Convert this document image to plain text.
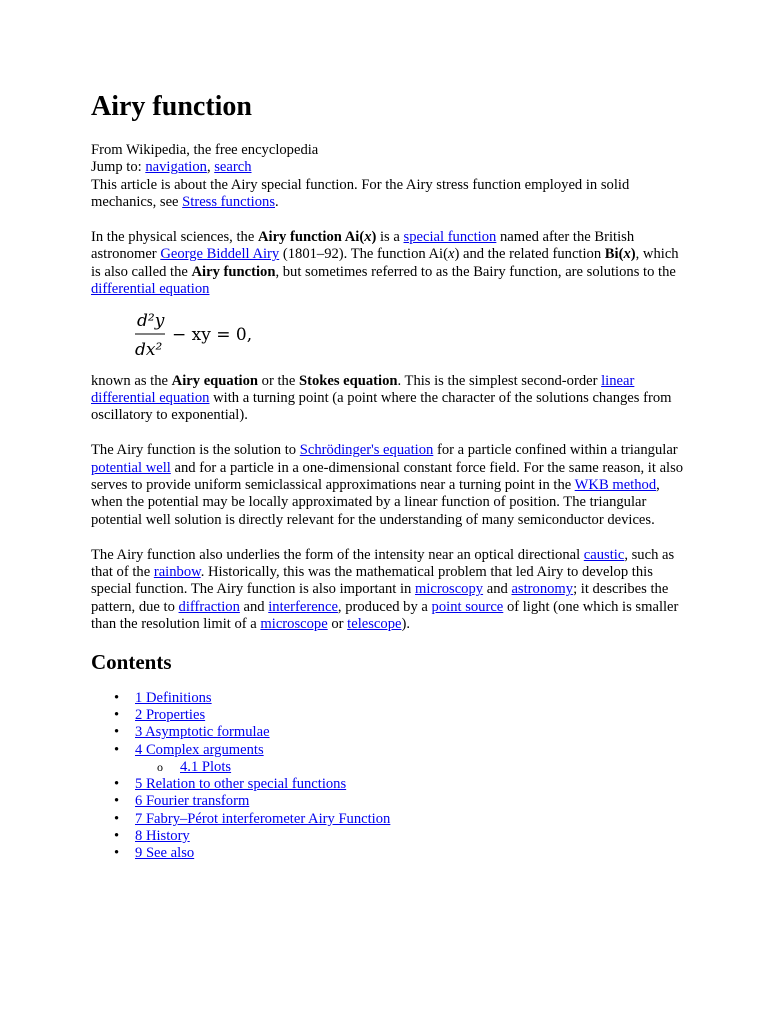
Airy function

From Wikipedia, the free encyclopedia

Jump to: navigation, search

This article is about the Airy special function. For the Airy stress function employed in solid mechanics, see Stress functions.

In the physical sciences, the Airy function Ai(x) is a special function named after the British astronomer George Biddell Airy (1801–92). The function Ai(x) and the related function Bi(x), which is also called the Airy function, but sometimes referred to as the Bairy function, are solutions to the differential equation

d²y
dx²
− xy = 0,

known as the Airy equation or the Stokes equation. This is the simplest second-order linear differential equation with a turning point (a point where the character of the solutions changes from oscillatory to exponential).

The Airy function is the solution to Schrödinger's equation for a particle confined within a triangular potential well and for a particle in a one-dimensional constant force field. For the same reason, it also serves to provide uniform semiclassical approximations near a turning point in the WKB method, when the potential may be locally approximated by a linear function of position. The triangular potential well solution is directly relevant for the understanding of many semiconductor devices.

The Airy function also underlies the form of the intensity near an optical directional caustic, such as that of the rainbow. Historically, this was the mathematical problem that led Airy to develop this special function. The Airy function is also important in microscopy and astronomy; it describes the pattern, due to diffraction and interference, produced by a point source of light (one which is smaller than the resolution limit of a microscope or telescope).

Contents
• 1 Definitions
• 2 Properties
• 3 Asymptotic formulae
• 4 Complex arguments
o 4.1 Plots
• 5 Relation to other special functions
• 6 Fourier transform
• 7 Fabry–Pérot interferometer Airy Function
• 8 History
• 9 See also
